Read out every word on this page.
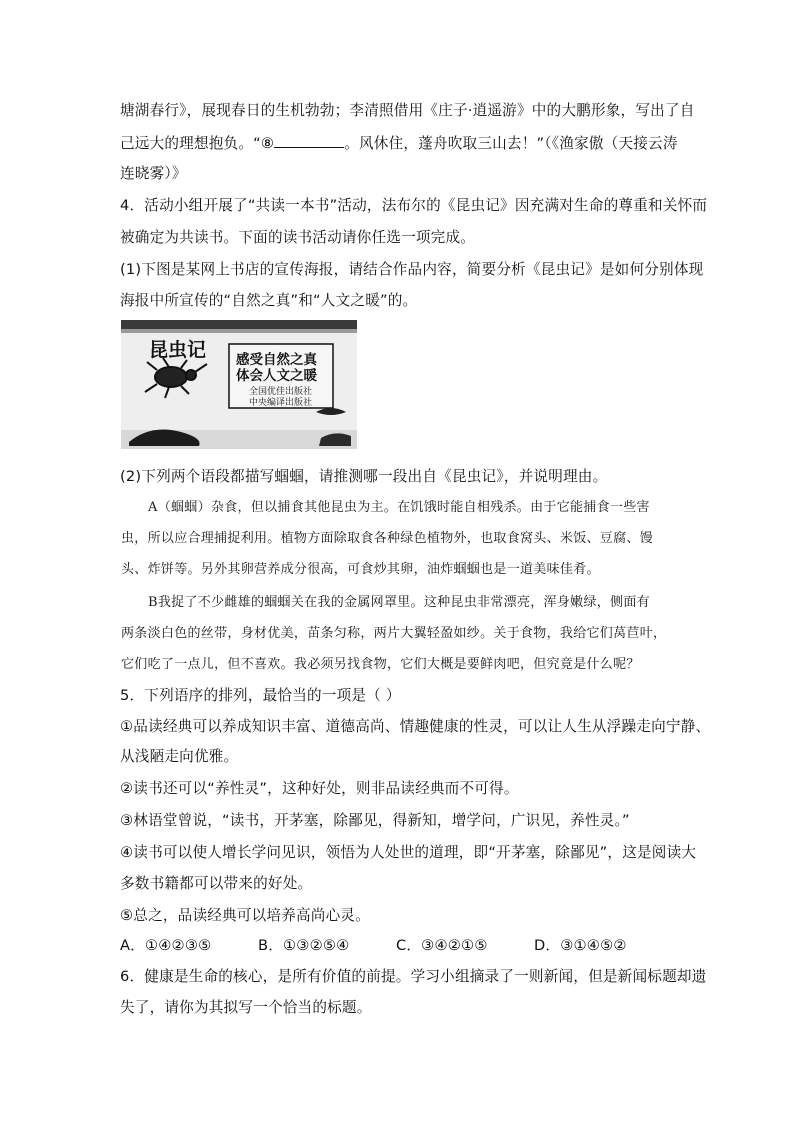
塘湖春行》，展现春日的生机勃勃；李清照借用《庄子·逍遥游》中的大鹏形象，写出了自
己远大的理想抱负。“⑧	。风休住，蓬舟吹取三山去！”（《渔家傲（天接云涛
连晓雾）》
4．活动小组开展了“共读一本书”活动，法布尔的《昆虫记》因充满对生命的尊重和关怀而
被确定为共读书。下面的读书活动请你任选一项完成。
(1)下图是某网上书店的宣传海报，请结合作品内容，简要分析《昆虫记》是如何分别体现
海报中所宣传的“自然之真”和“人文之暖”的。
昆虫记 感受自然之真
体会人文之暖
全国优佳出版社
中央编译出版社
(2)下列两个语段都描写蝈蝈，请推测哪一段出自《昆虫记》，并说明理由。
A（蝈蝈）杂食，但以捕食其他昆虫为主。在饥饿时能自相残杀。由于它能捕食一些害
虫，所以应合理捕捉利用。植物方面除取食各种绿色植物外，也取食窝头、米饭、豆腐、馒
头、炸饼等。另外其卵营养成分很高，可食炒其卵，油炸蝈蝈也是一道美味佳肴。
B我捉了不少雌雄的蝈蝈关在我的金属网罩里。这种昆虫非常漂亮，浑身嫩绿，侧面有
两条淡白色的丝带，身材优美，苗条匀称，两片大翼轻盈如纱。关于食物，我给它们莴苣叶，
它们吃了一点儿，但不喜欢。我必须另找食物，它们大概是要鲜肉吧，但究竟是什么呢？
5．下列语序的排列，最恰当的一项是（ ）
①品读经典可以养成知识丰富、道德高尚、情趣健康的性灵，可以让人生从浮躁走向宁静、
从浅陋走向优雅。
②读书还可以“养性灵”，这种好处，则非品读经典而不可得。
③林语堂曾说，“读书，开茅塞，除鄙见，得新知，增学问，广识见，养性灵。”
④读书可以使人增长学问见识，领悟为人处世的道理，即“开茅塞，除鄙见”，这是阅读大
多数书籍都可以带来的好处。
⑤总之，品读经典可以培养高尚心灵。
A．①④②③⑤	B．①③②⑤④	C．③④②①⑤	D．③①④⑤②
6．健康是生命的核心，是所有价值的前提。学习小组摘录了一则新闻，但是新闻标题却遗
失了，请你为其拟写一个恰当的标题。
